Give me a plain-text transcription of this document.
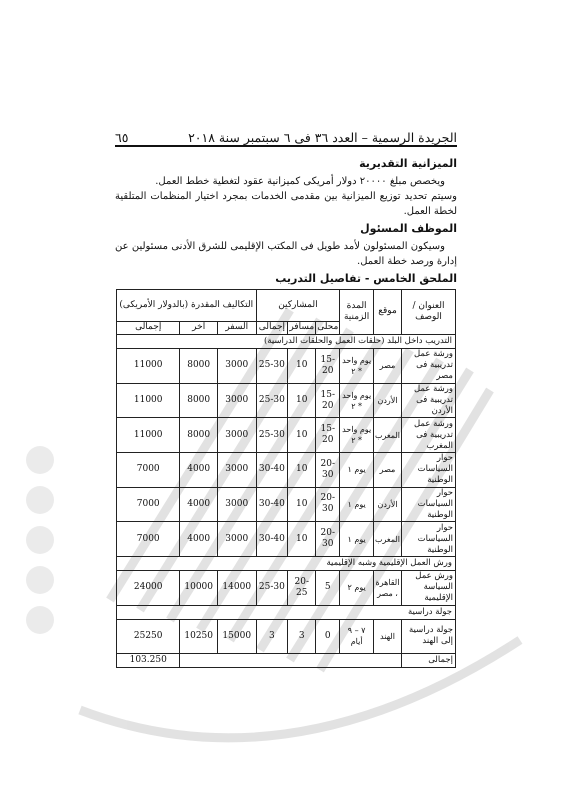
الجريدة الرسمية – العدد ٣٦ فى ٦ سبتمبر سنة ٢٠١٨
٦٥
الميزانية التقديرية

ويخصص مبلغ ٢٠٠٠٠ دولار أمريكى كميزانية عقود لتغطية خطط العمل.

وسيتم تحديد توزيع الميزانية بين مقدمى الخدمات بمجرد اختيار المنظمات المتلقية لخطة العمل.

الموظف المسئول

وسيكون المسئولون لأمد طويل فى المكتب الإقليمى للشرق الأدنى مسئولين عن إدارة ورصد خطة العمل.

الملحق الخامس - تفاصيل التدريب
العنوان / الوصف	موقع	المدة الزمنية	المشاركين			التكاليف المقدرة (بالدولار الأمريكى)		
			محلى	مسافر	إجمالى	السفر	آخر	إجمالى
التدريب داخل البلد (حلقات العمل والحلقات الدراسية)								
ورشة عمل تدريبية فى مصر	مصر	يوم واحد * ٢	15-20	10	25-30	3000	8000	11000
ورشة عمل تدريبية فى الأردن	الأردن	يوم واحد * ٢	15-20	10	25-30	3000	8000	11000
ورشة عمل تدريبية فى المغرب	المغرب	يوم واحد * ٢	15-20	10	25-30	3000	8000	11000
حوار السياسات الوطنية	مصر	يوم ١	20-30	10	30-40	3000	4000	7000
حوار السياسات الوطنية	الأردن	يوم ١	20-30	10	30-40	3000	4000	7000
حوار السياسات الوطنية	المغرب	يوم ١	20-30	10	30-40	3000	4000	7000
ورش العمل الإقليمية وشبه الإقليمية								
ورش عمل السياسة الإقليمية	القاهرة ، مصر	يوم ٢	5	20-25	25-30	14000	10000	24000
جولة دراسية								
جولة دراسية إلى الهند	الهند	٧ – ٩ أيام	0	3	3	15000	10250	25250
إجمالى								103.250
